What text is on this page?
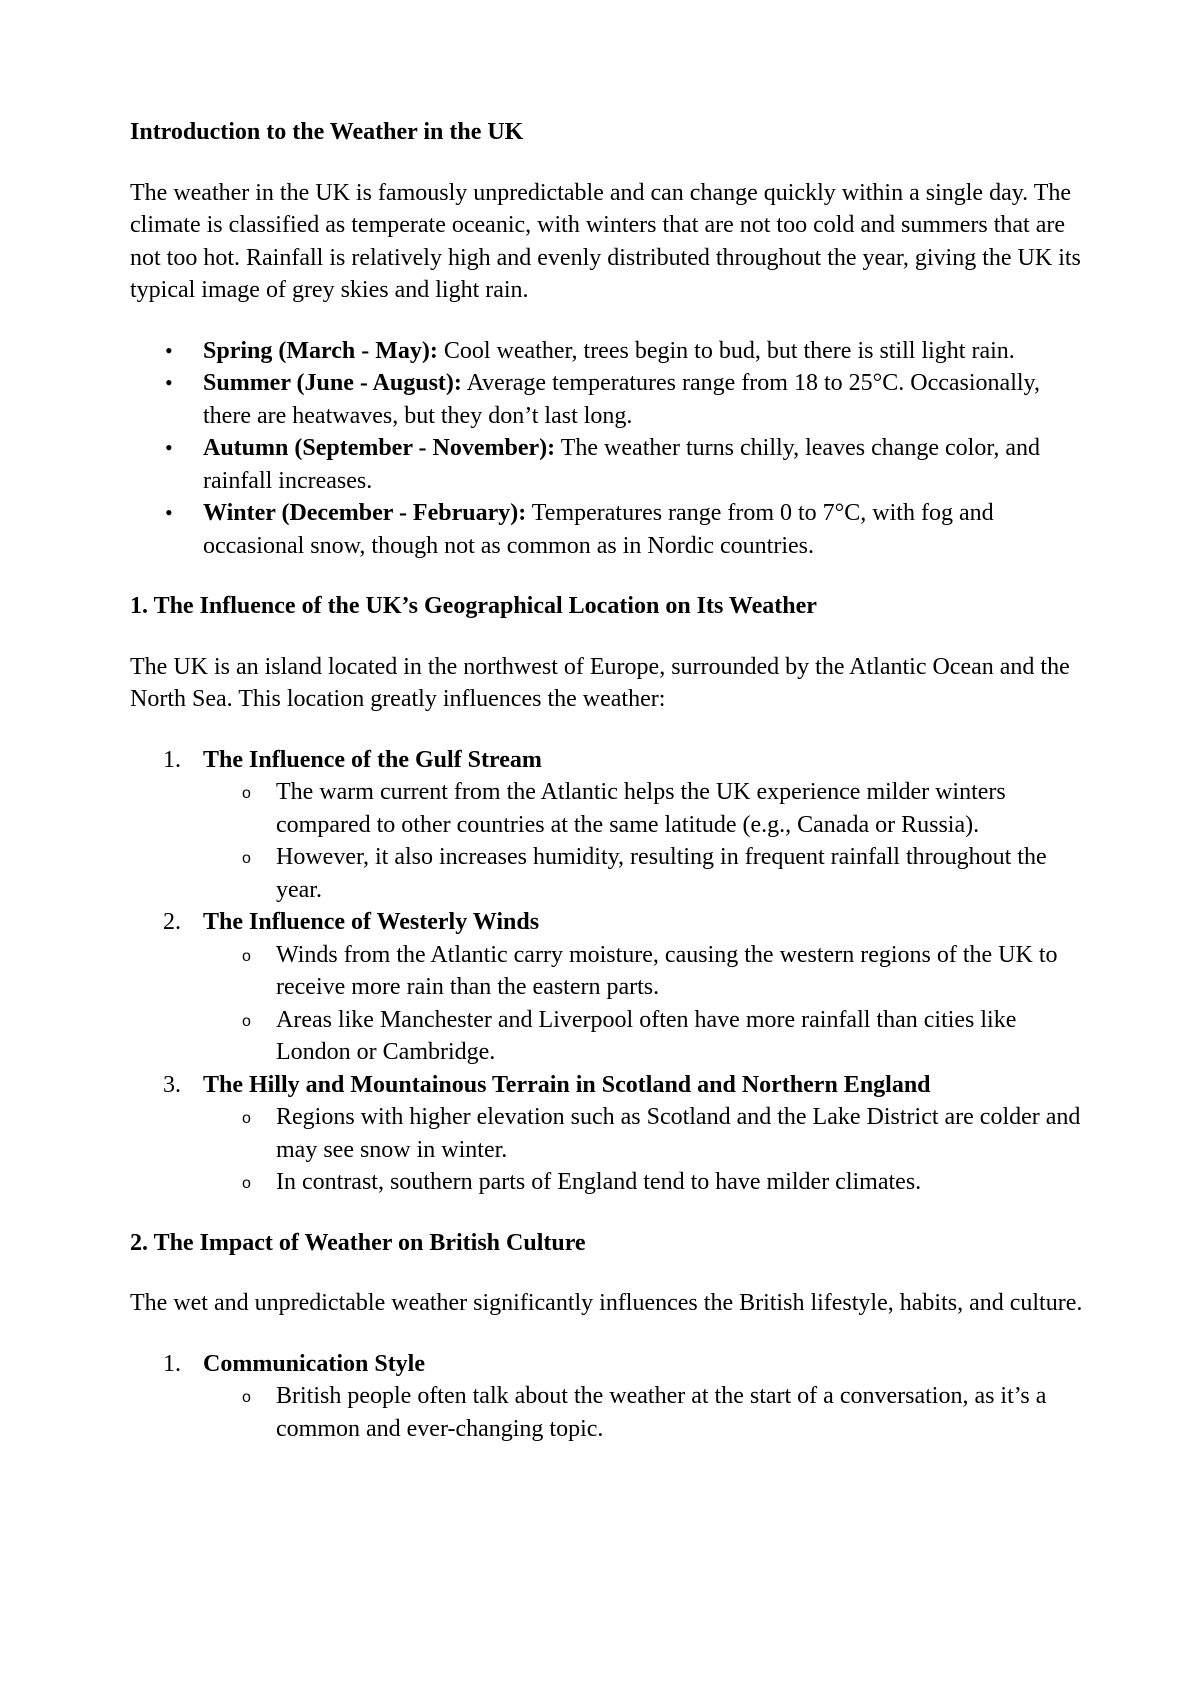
Introduction to the Weather in the UK

The weather in the UK is famously unpredictable and can change quickly within a single day. The climate is classified as temperate oceanic, with winters that are not too cold and summers that are not too hot. Rainfall is relatively high and evenly distributed throughout the year, giving the UK its typical image of grey skies and light rain.

• Spring (March - May): Cool weather, trees begin to bud, but there is still light rain.
• Summer (June - August): Average temperatures range from 18 to 25°C. Occasionally, there are heatwaves, but they don’t last long.
• Autumn (September - November): The weather turns chilly, leaves change color, and rainfall increases.
• Winter (December - February): Temperatures range from 0 to 7°C, with fog and occasional snow, though not as common as in Nordic countries.

1. The Influence of the UK’s Geographical Location on Its Weather

The UK is an island located in the northwest of Europe, surrounded by the Atlantic Ocean and the North Sea. This location greatly influences the weather:

1. The Influence of the Gulf Stream
o The warm current from the Atlantic helps the UK experience milder winters compared to other countries at the same latitude (e.g., Canada or Russia).
o However, it also increases humidity, resulting in frequent rainfall throughout the year.
2. The Influence of Westerly Winds
o Winds from the Atlantic carry moisture, causing the western regions of the UK to receive more rain than the eastern parts.
o Areas like Manchester and Liverpool often have more rainfall than cities like London or Cambridge.
3. The Hilly and Mountainous Terrain in Scotland and Northern England
o Regions with higher elevation such as Scotland and the Lake District are colder and may see snow in winter.
o In contrast, southern parts of England tend to have milder climates.

2. The Impact of Weather on British Culture

The wet and unpredictable weather significantly influences the British lifestyle, habits, and culture.

1. Communication Style
o British people often talk about the weather at the start of a conversation, as it’s a common and ever-changing topic.
